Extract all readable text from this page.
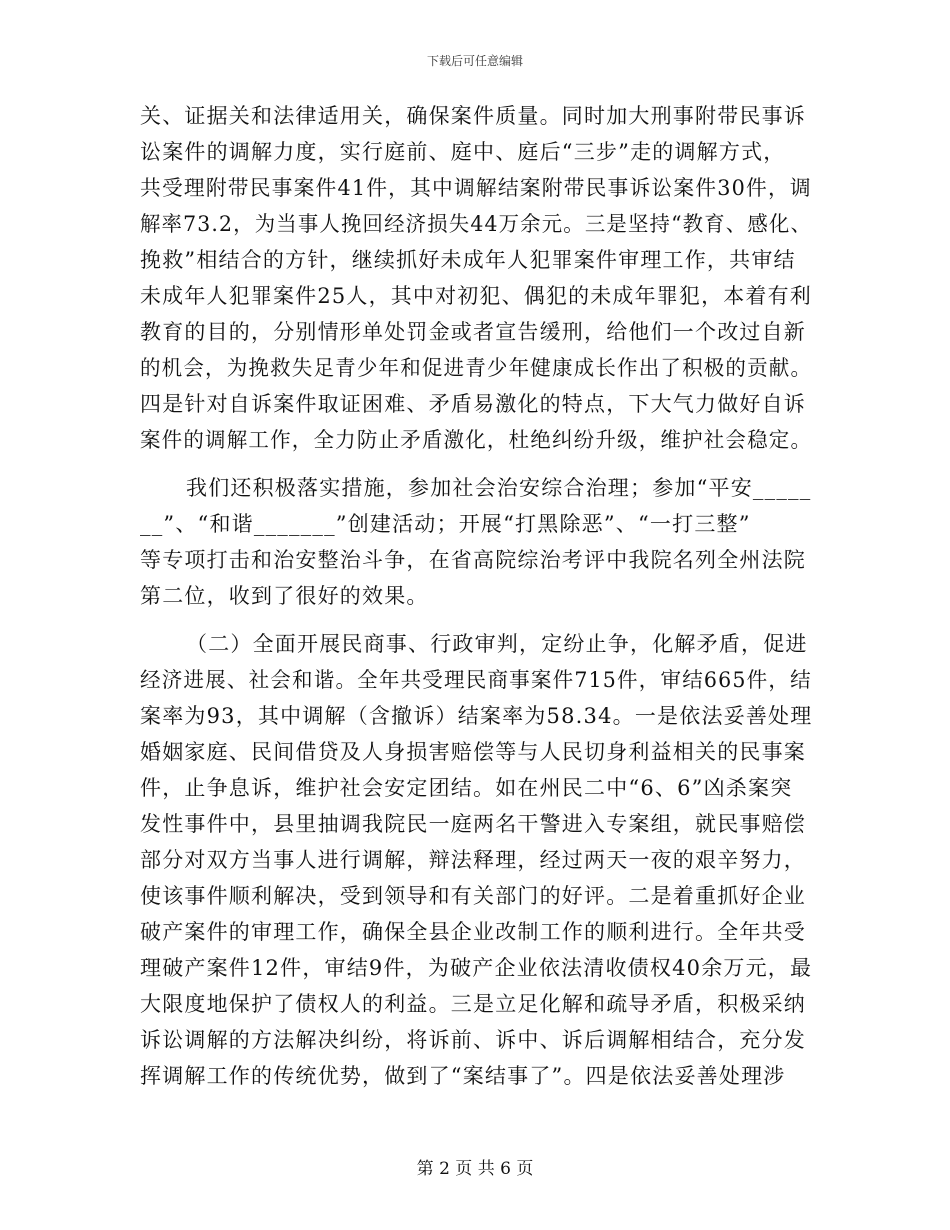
下载后可任意编辑
关、证据关和法律适用关，确保案件质量。同时加大刑事附带民事诉
讼案件的调解力度，实行庭前、庭中、庭后“三步”走的调解方式，
共受理附带民事案件41件，其中调解结案附带民事诉讼案件30件，调
解率73.2，为当事人挽回经济损失44万余元。三是坚持“教育、感化、
挽救”相结合的方针，继续抓好未成年人犯罪案件审理工作，共审结
未成年人犯罪案件25人，其中对初犯、偶犯的未成年罪犯，本着有利
教育的目的，分别情形单处罚金或者宣告缓刑，给他们一个改过自新
的机会，为挽救失足青少年和促进青少年健康成长作出了积极的贡献。
四是针对自诉案件取证困难、矛盾易激化的特点，下大气力做好自诉
案件的调解工作，全力防止矛盾激化，杜绝纠纷升级，维护社会稳定。
我们还积极落实措施，参加社会治安综合治理；参加“平安_____
__”、“和谐_______”创建活动；开展“打黑除恶”、“一打三整”
等专项打击和治安整治斗争，在省高院综治考评中我院名列全州法院
第二位，收到了很好的效果。
（二）全面开展民商事、行政审判，定纷止争，化解矛盾，促进
经济进展、社会和谐。全年共受理民商事案件715件，审结665件，结
案率为93，其中调解（含撤诉）结案率为58.34。一是依法妥善处理
婚姻家庭、民间借贷及人身损害赔偿等与人民切身利益相关的民事案
件，止争息诉，维护社会安定团结。如在州民二中“6、6”凶杀案突
发性事件中，县里抽调我院民一庭两名干警进入专案组，就民事赔偿
部分对双方当事人进行调解，辩法释理，经过两天一夜的艰辛努力，
使该事件顺利解决，受到领导和有关部门的好评。二是着重抓好企业
破产案件的审理工作，确保全县企业改制工作的顺利进行。全年共受
理破产案件12件，审结9件，为破产企业依法清收债权40余万元，最
大限度地保护了债权人的利益。三是立足化解和疏导矛盾，积极采纳
诉讼调解的方法解决纠纷，将诉前、诉中、诉后调解相结合，充分发
挥调解工作的传统优势，做到了“案结事了”。四是依法妥善处理涉
第 2 页 共 6 页
